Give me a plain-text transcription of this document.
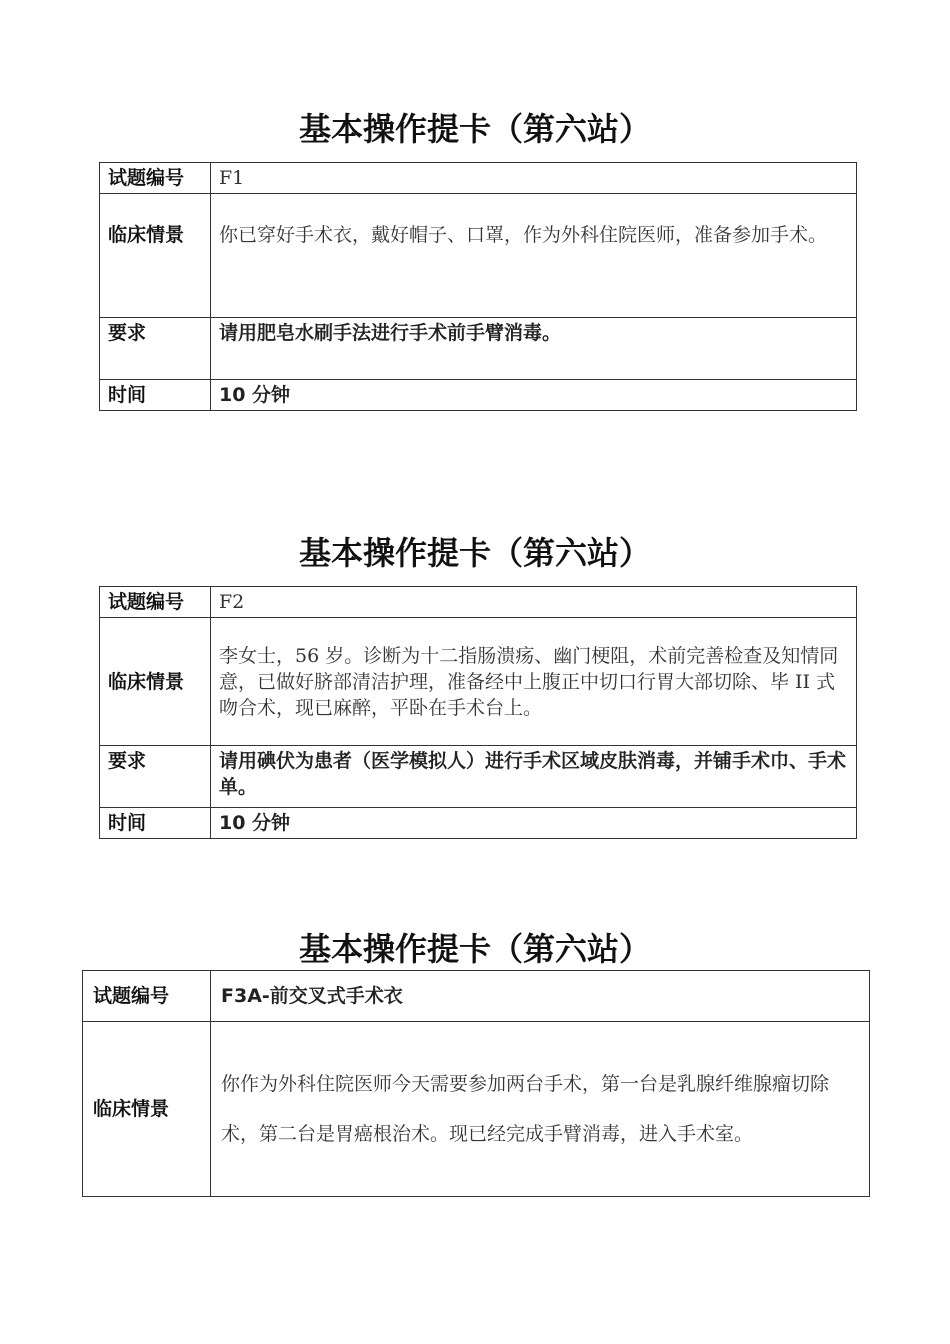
基本操作提卡（第六站）
试题编号	F1
临床情景	你已穿好手术衣，戴好帽子、口罩，作为外科住院医师，准备参加手术。
要求	请用肥皂水刷手法进行手术前手臂消毒。
时间	10 分钟
基本操作提卡（第六站）
试题编号	F2
临床情景	李女士，56 岁。诊断为十二指肠溃疡、幽门梗阻，术前完善检查及知情同意，已做好脐部清洁护理，准备经中上腹正中切口行胃大部切除、毕 II 式吻合术，现已麻醉，平卧在手术台上。
要求	请用碘伏为患者（医学模拟人）进行手术区域皮肤消毒，并铺手术巾、手术单。
时间	10 分钟
基本操作提卡（第六站）
试题编号	F3A-前交叉式手术衣
临床情景	你作为外科住院医师今天需要参加两台手术，第一台是乳腺纤维腺瘤切除术，第二台是胃癌根治术。现已经完成手臂消毒，进入手术室。
